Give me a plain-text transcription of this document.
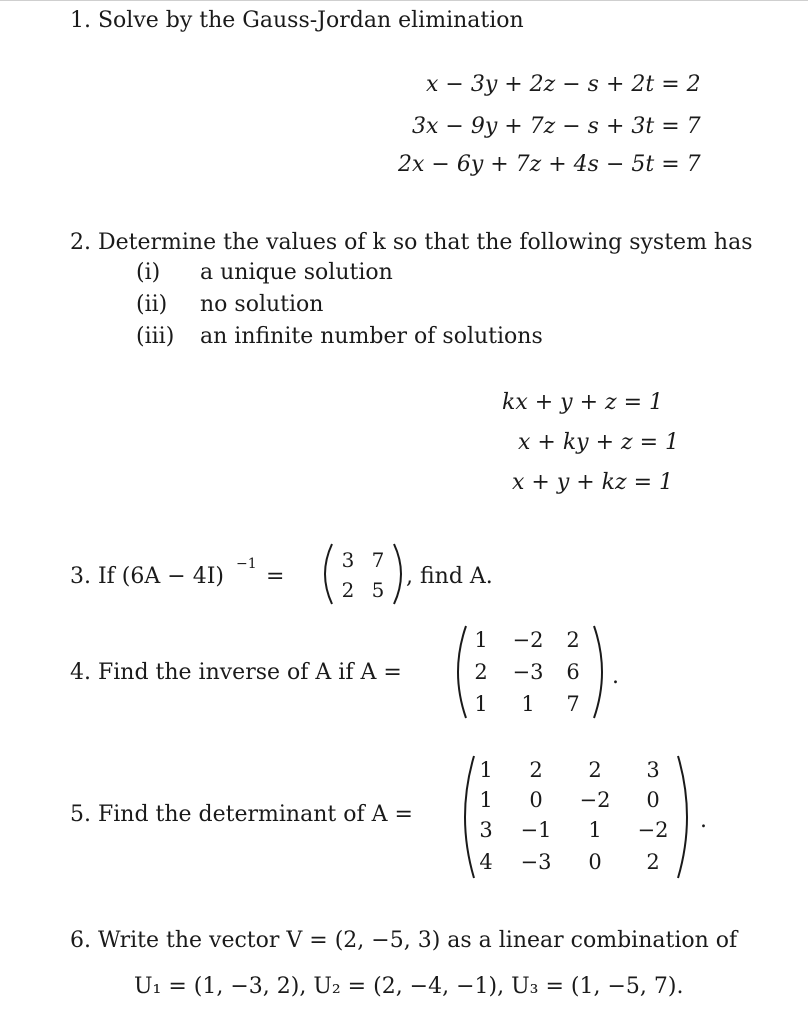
1. Solve by the Gauss-Jordan elimination
x − 3y + 2z − s + 2t = 2
3x − 9y + 7z − s + 3t = 7
2x − 6y + 7z + 4s − 5t = 7
2. Determine the values of k so that the following system has
(i) a unique solution
(ii) no solution
(iii) an infinite number of solutions
kx + y + z = 1
x + ky + z = 1
x + y + kz = 1
3. If (6A − 4I) −1 =
3 7
2 5
, find A.
4. Find the inverse of A if A =
1	−2	2
2	−3	6
1	1	7
.
5. Find the determinant of A =
1	2	2	3
1	0	−2	0
3 −1	1	−2
4 −3	0	2
.
6. Write the vector V = (2, −5, 3) as a linear combination of
U₁ = (1, −3, 2), U₂ = (2, −4, −1), U₃ = (1, −5, 7).
